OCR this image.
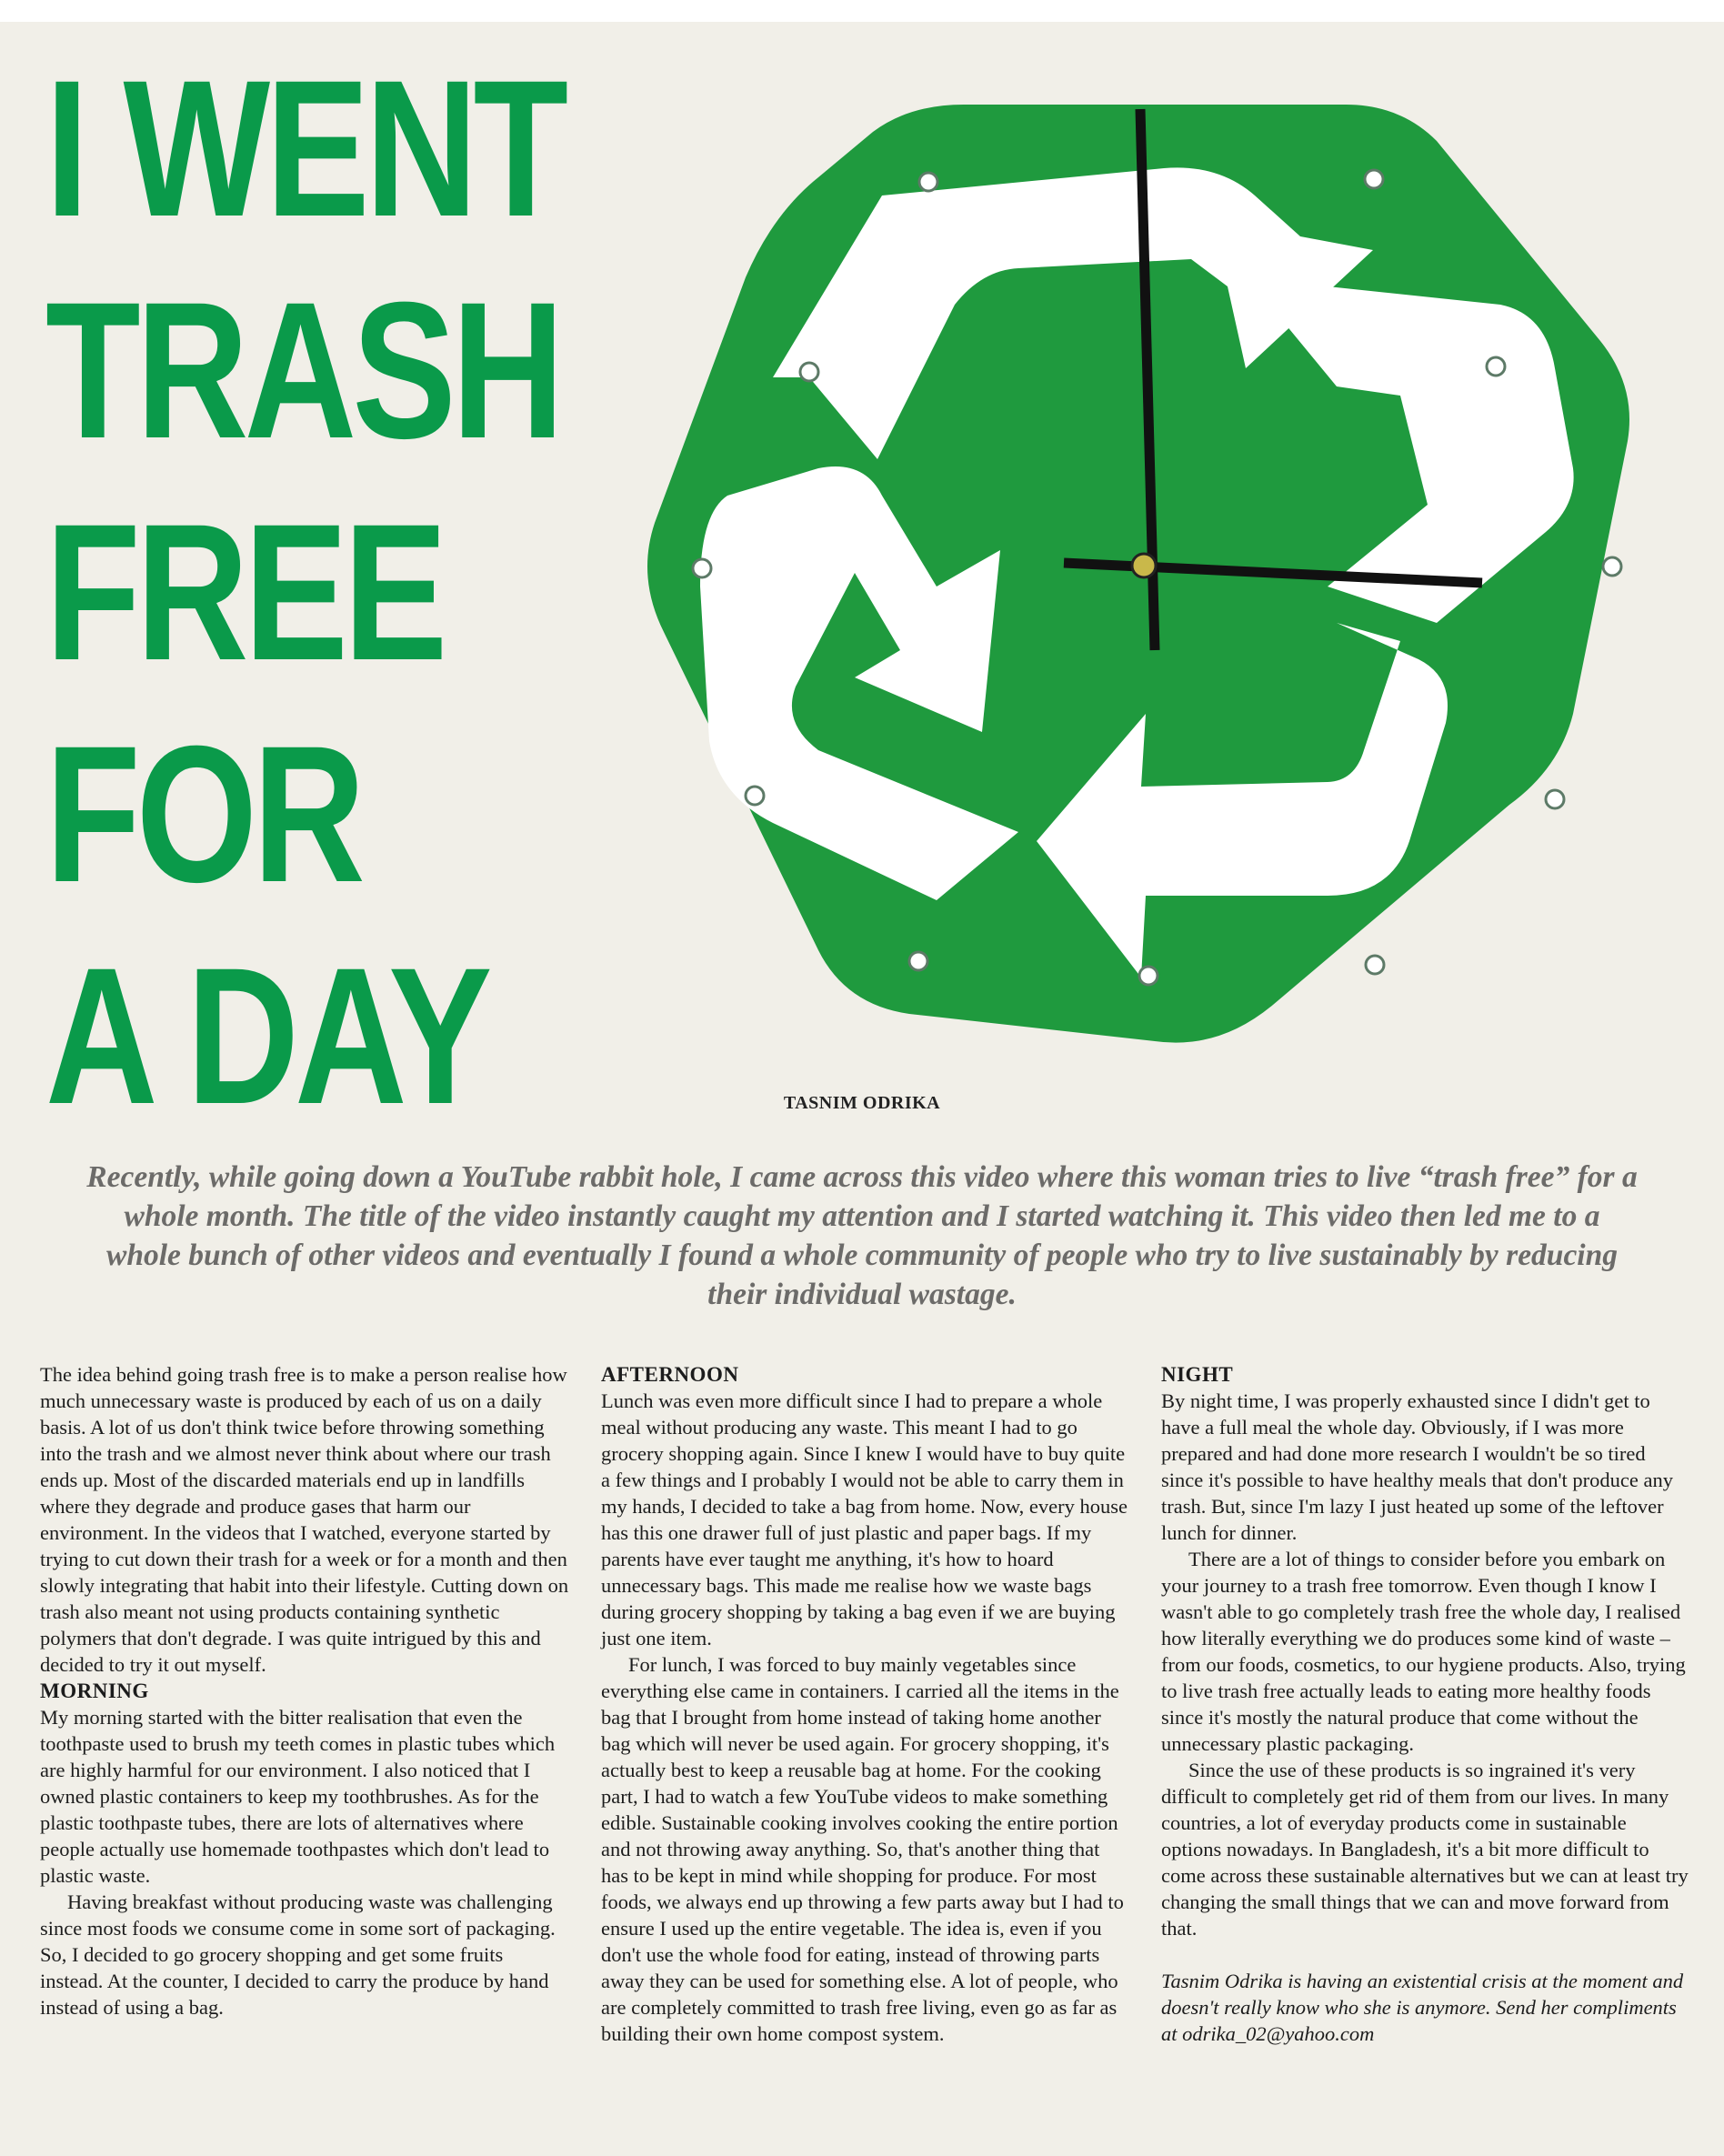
I WENT
TRASH
FREE
FOR
A DAY	TASNIM ODRIKA
Recently, while going down a YouTube rabbit hole, I came across this video where this woman tries to live “trash free” for a whole month. The title of the video instantly caught my attention and I started watching it. This video then led me to a whole bunch of other videos and eventually I found a whole community of people who try to live sustainably by reducing their individual wastage.

The idea behind going trash free is to make a person realise how much unnecessary waste is produced by each of us on a daily basis. A lot of us don't think twice before throwing something into the trash and we almost never think about where our trash ends up. Most of the discarded materials end up in landfills where they degrade and produce gases that harm our environment. In the videos that I watched, everyone started by trying to cut down their trash for a week or for a month and then slowly integrating that habit into their lifestyle. Cutting down on trash also meant not using products containing synthetic polymers that don't degrade. I was quite intrigued by this and decided to try it out myself.

MORNING

My morning started with the bitter realisation that even the toothpaste used to brush my teeth comes in plastic tubes which are highly harmful for our environment. I also noticed that I owned plastic containers to keep my toothbrushes. As for the plastic toothpaste tubes, there are lots of alternatives where people actually use homemade toothpastes which don't lead to plastic waste.

Having breakfast without producing waste was challenging since most foods we consume come in some sort of packaging. So, I decided to go grocery shopping and get some fruits instead. At the counter, I decided to carry the produce by hand instead of using a bag.

AFTERNOON

Lunch was even more difficult since I had to prepare a whole meal without producing any waste. This meant I had to go grocery shopping again. Since I knew I would have to buy quite a few things and I probably I would not be able to carry them in my hands, I decided to take a bag from home. Now, every house has this one drawer full of just plastic and paper bags. If my parents have ever taught me anything, it's how to hoard unnecessary bags. This made me realise how we waste bags during grocery shopping by taking a bag even if we are buying just one item.

For lunch, I was forced to buy mainly vegetables since everything else came in containers. I carried all the items in the bag that I brought from home instead of taking home another bag which will never be used again. For grocery shopping, it's actually best to keep a reusable bag at home. For the cooking part, I had to watch a few YouTube videos to make something edible. Sustainable cooking involves cooking the entire portion and not throwing away anything. So, that's another thing that has to be kept in mind while shopping for produce. For most foods, we always end up throwing a few parts away but I had to ensure I used up the entire vegetable. The idea is, even if you don't use the whole food for eating, instead of throwing parts away they can be used for something else. A lot of people, who are completely committed to trash free living, even go as far as building their own home compost system.

NIGHT

By night time, I was properly exhausted since I didn't get to have a full meal the whole day. Obviously, if I was more prepared and had done more research I wouldn't be so tired since it's possible to have healthy meals that don't produce any trash. But, since I'm lazy I just heated up some of the leftover lunch for dinner.

There are a lot of things to consider before you embark on your journey to a trash free tomorrow. Even though I know I wasn't able to go completely trash free the whole day, I realised how literally everything we do produces some kind of waste – from our foods, cosmetics, to our hygiene products. Also, trying to live trash free actually leads to eating more healthy foods since it's mostly the natural produce that come without the unnecessary plastic packaging.

Since the use of these products is so ingrained it's very difficult to completely get rid of them from our lives. In many countries, a lot of everyday products come in sustainable options nowadays. In Bangladesh, it's a bit more difficult to come across these sustainable alternatives but we can at least try changing the small things that we can and move forward from that.

Tasnim Odrika is having an existential crisis at the moment and doesn't really know who she is anymore. Send her compliments at odrika_02@yahoo.com
